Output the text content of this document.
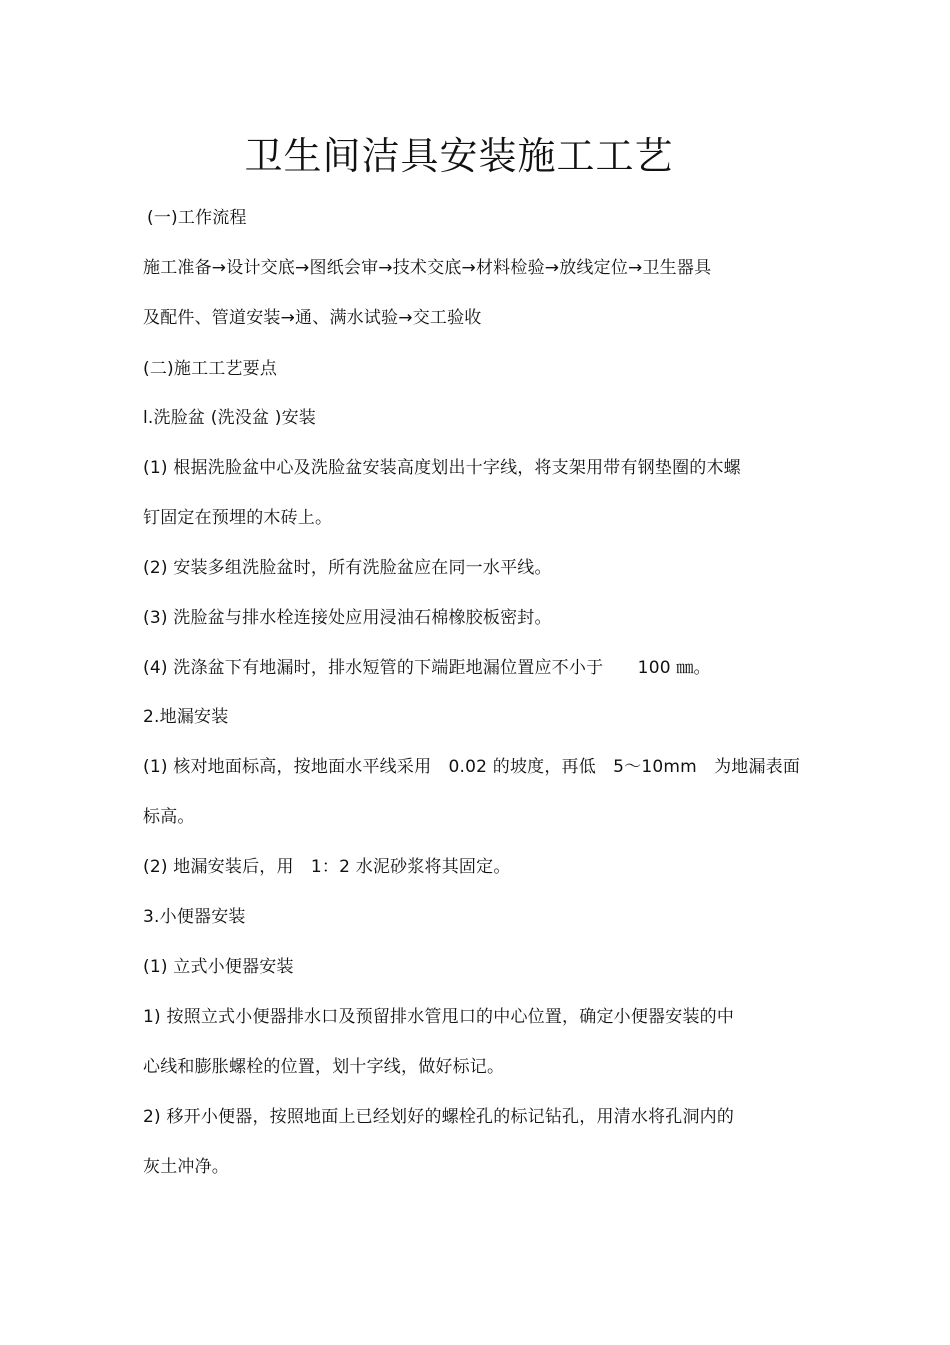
卫生间洁具安装施工工艺
(一)工作流程
施工准备→设计交底→图纸会审→技术交底→材料检验→放线定位→卫生器具
及配件、管道安装→通、满水试验→交工验收
(二)施工工艺要点
l.洗脸盆 (洗没盆 )安装
(1) 根据洗脸盆中心及洗脸盆安装高度划出十字线，将支架用带有钢垫圈的木螺
钉固定在预埋的木砖上。
(2) 安装多组洗脸盆时，所有洗脸盆应在同一水平线。
(3) 洗脸盆与排水栓连接处应用浸油石棉橡胶板密封。
(4) 洗涤盆下有地漏时，排水短管的下端距地漏位置应不小于　　100 ㎜。
2.地漏安装
(1) 核对地面标高，按地面水平线采用　0.02 的坡度，再低　5～10mm　为地漏表面
标高。
(2) 地漏安装后，用　1：2 水泥砂浆将其固定。
3.小便器安装
(1) 立式小便器安装
1) 按照立式小便器排水口及预留排水管甩口的中心位置，确定小便器安装的中
心线和膨胀螺栓的位置，划十字线，做好标记。
2) 移开小便器，按照地面上已经划好的螺栓孔的标记钻孔，用清水将孔洞内的
灰土冲净。
